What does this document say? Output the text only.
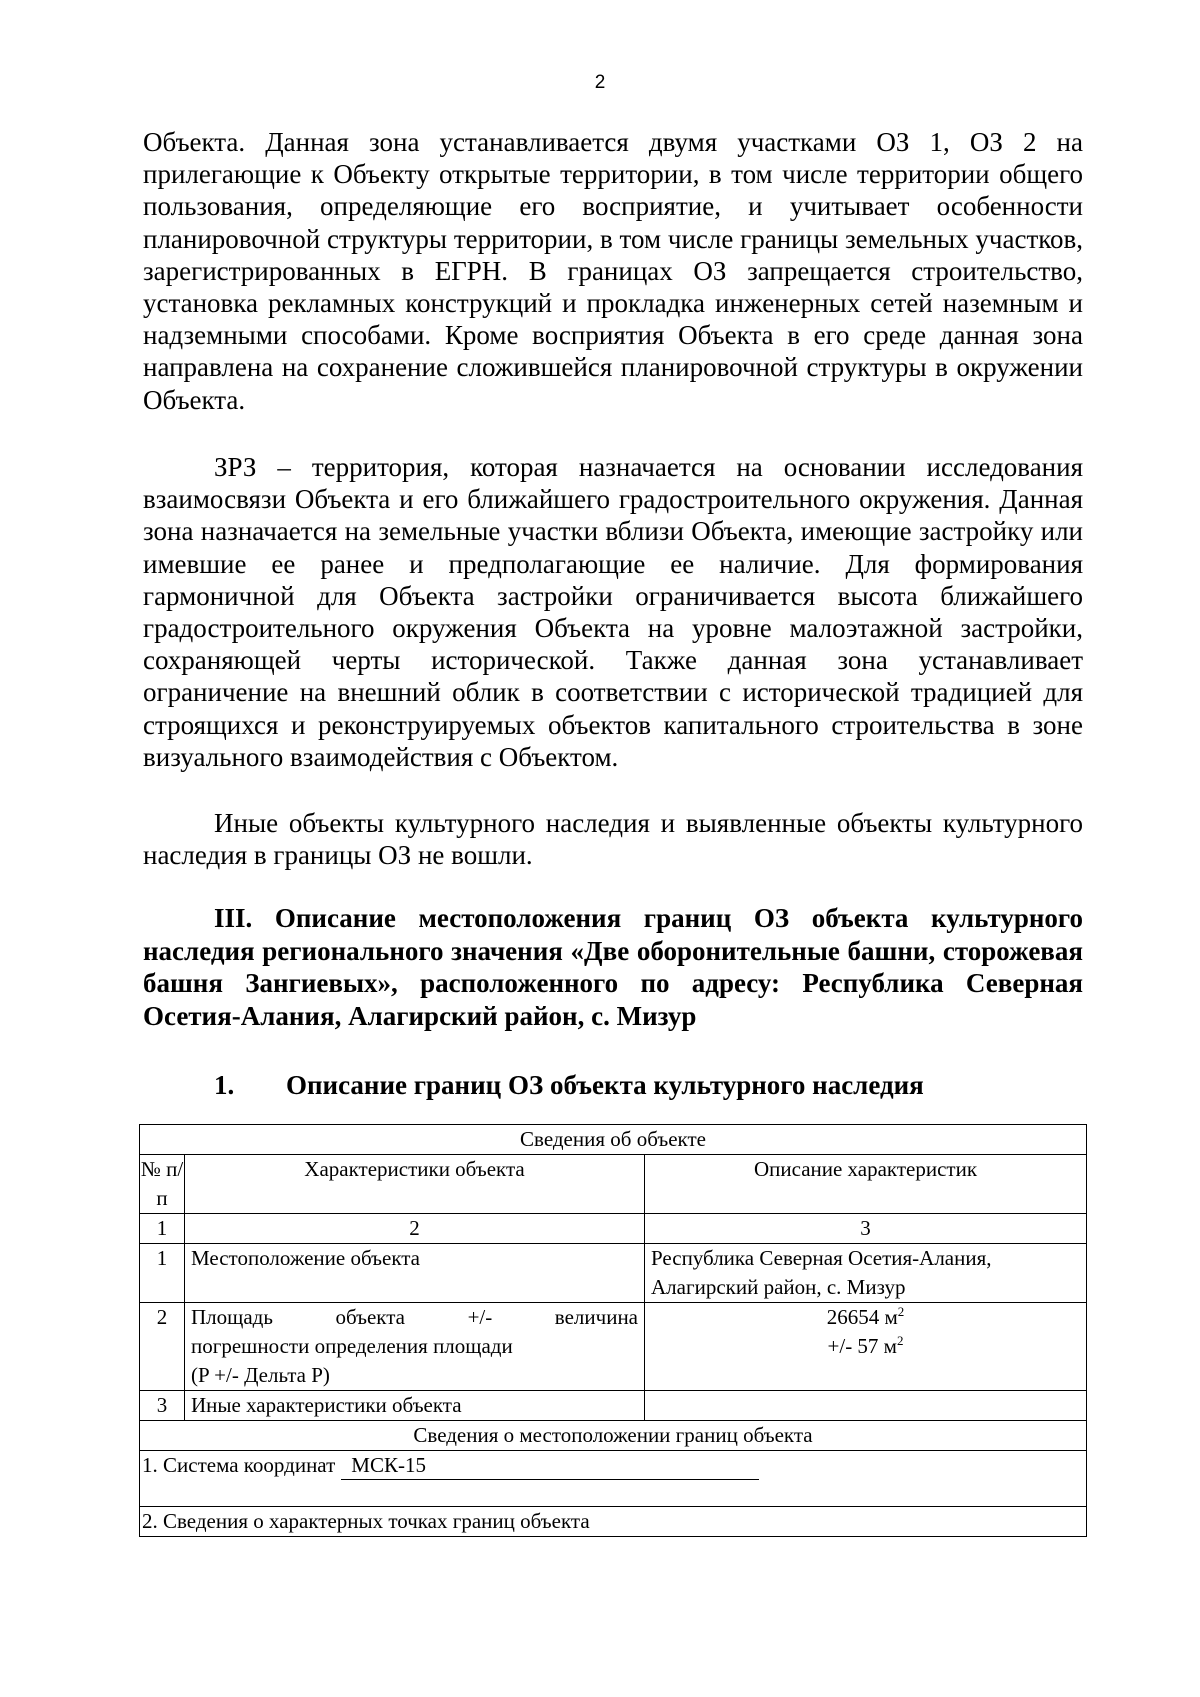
2

Объекта. Данная зона устанавливается двумя участками ОЗ 1, ОЗ 2 на прилегающие к Объекту открытые территории, в том числе территории общего пользования, определяющие его восприятие, и учитывает особенности планировочной структуры территории, в том числе границы земельных участков, зарегистрированных в ЕГРН. В границах ОЗ запрещается строительство, установка рекламных конструкций и прокладка инженерных сетей наземным и надземными способами. Кроме восприятия Объекта в его среде данная зона направлена на сохранение сложившейся планировочной структуры в окружении Объекта.

ЗРЗ – территория, которая назначается на основании исследования взаимосвязи Объекта и его ближайшего градостроительного окружения. Данная зона назначается на земельные участки вблизи Объекта, имеющие застройку или имевшие ее ранее и предполагающие ее наличие. Для формирования гармоничной для Объекта застройки ограничивается высота ближайшего градостроительного окружения Объекта на уровне малоэтажной застройки, сохраняющей черты исторической. Также данная зона устанавливает ограничение на внешний облик в соответствии с исторической традицией для строящихся и реконструируемых объектов капитального строительства в зоне визуального взаимодействия с Объектом.

Иные объекты культурного наследия и выявленные объекты культурного наследия в границы ОЗ не вошли.

III. Описание местоположения границ ОЗ объекта культурного наследия регионального значения «Две оборонительные башни, сторожевая башня Зангиевых», расположенного по адресу: Республика Северная Осетия-Алания, Алагирский район, с. Мизур

1. Описание границ ОЗ объекта культурного наследия

Сведения об объекте		
№ п/п	Характеристики объекта	Описание характеристик
1	2	3
1	Местоположение объекта	Республика Северная Осетия-Алания,
Алагирский район, с. Мизур

2	Площадь объекта +/- величина
погрешности определения площади
(P +/- Дельта P)	26654 $м^2$
+/- 57 $м^2$

3	Иные характеристики объекта	
Сведения о местоположении границ объекта		
1. Система координат МСК-15		
2. Сведения о характерных точках границ объекта		
